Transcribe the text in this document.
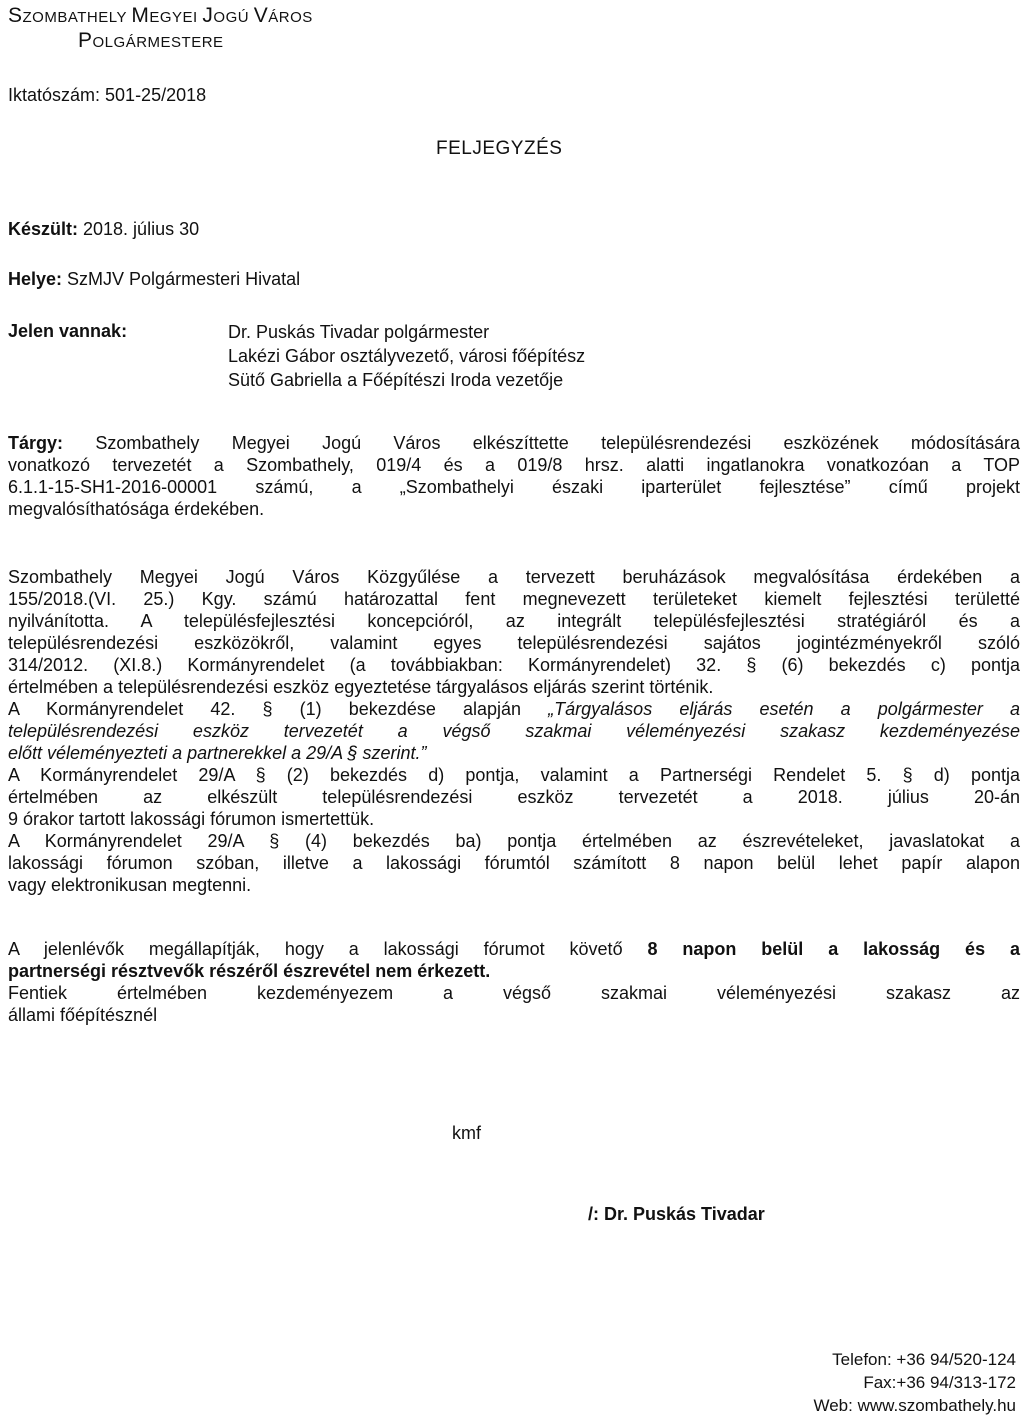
SZOMBATHELY MEGYEI JOGÚ VÁROS
POLGÁRMESTERE
Iktatószám: 501-25/2018
FELJEGYZÉS
Készült: 2018. július 30
Helye: SzMJV Polgármesteri Hivatal
Jelen vannak:	Dr. Puskás Tivadar polgármester
Lakézi Gábor osztályvezető, városi főépítész
Sütő Gabriella a Főépítészi Iroda vezetője
Tárgy: Szombathely Megyei Jogú Város elkészíttette településrendezési eszközének módosítására
vonatkozó tervezetét a Szombathely, 019/4 és a 019/8 hrsz. alatti ingatlanokra vonatkozóan a TOP
6.1.1-15-SH1-2016-00001 számú, a „Szombathelyi északi iparterület fejlesztése” című projekt
megvalósíthatósága érdekében.
Szombathely Megyei Jogú Város Közgyűlése a tervezett beruházások megvalósítása érdekében a
155/2018.(VI. 25.) Kgy. számú határozattal fent megnevezett területeket kiemelt fejlesztési területté
nyilvánította. A településfejlesztési koncepcióról, az integrált településfejlesztési stratégiáról és a
településrendezési eszközökről, valamint egyes településrendezési sajátos jogintézményekről szóló
314/2012. (XI.8.) Kormányrendelet (a továbbiakban: Kormányrendelet) 32. § (6) bekezdés c) pontja
értelmében a településrendezési eszköz egyeztetése tárgyalásos eljárás szerint történik.
A Kormányrendelet 42. § (1) bekezdése alapján „Tárgyalásos eljárás esetén a polgármester a
településrendezési eszköz tervezetét a végső szakmai véleményezési szakasz kezdeményezése
előtt véleményezteti a partnerekkel a 29/A § szerint.”
A Kormányrendelet 29/A § (2) bekezdés d) pontja, valamint a Partnerségi Rendelet 5. § d) pontja
értelmében az elkészült településrendezési eszköz tervezetét a 2018. július 20-án
9 órakor tartott lakossági fórumon ismertettük.
A Kormányrendelet 29/A § (4) bekezdés ba) pontja értelmében az észrevételeket, javaslatokat a
lakossági fórumon szóban, illetve a lakossági fórumtól számított 8 napon belül lehet papír alapon
vagy elektronikusan megtenni.
A jelenlévők megállapítják, hogy a lakossági fórumot követő 8 napon belül a lakosság és a
partnerségi résztvevők részéről észrevétel nem érkezett.
Fentiek értelmében kezdeményezem a végső szakmai véleményezési szakasz az
állami főépítésznél
kmf
/: Dr. Puskás Tivadar
Telefon: +36 94/520-124
Fax:+36 94/313-172
Web: www.szombathely.hu
